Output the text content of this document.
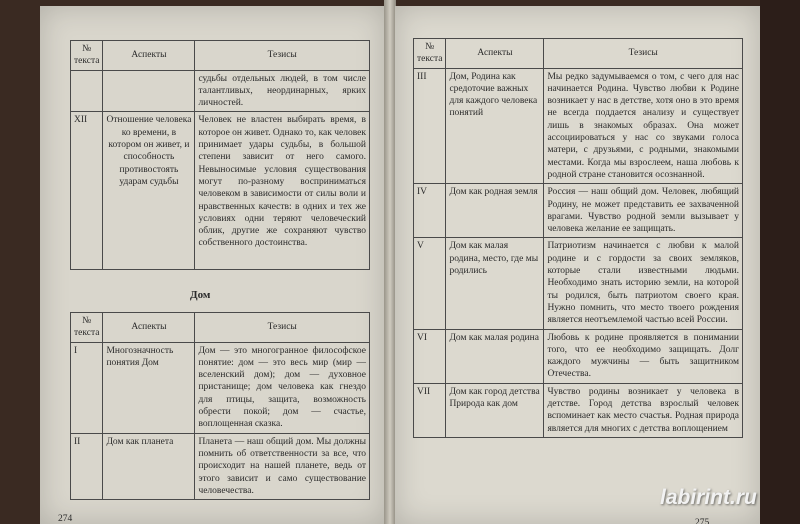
№ текста	Аспекты	Тезисы
		судьбы отдельных людей, в том числе талантливых, неординарных, ярких личностей.
XII	Отношение человека ко времени, в котором он живет, и способность противостоять ударам судьбы	Человек не властен выбирать время, в которое он живет. Однако то, как человек принимает удары судьбы, в большой степени зависит от него самого. Невыносимые условия существования могут по-разному восприниматься человеком в зависимости от силы воли и нравственных качеств: в одних и тех же условиях одни теряют человеческий облик, другие же сохраняют чувство собственного достоинства.
Дом
№ текста	Аспекты	Тезисы
I	Многозначность понятия Дом	Дом — это многогранное философское понятие: дом — это весь мир (мир — вселенский дом); дом — духовное пристанище; дом человека как гнездо для птицы, защита, возможность обрести покой; дом — счастье, воплощенная сказка.
II	Дом как планета	Планета — наш общий дом. Мы должны помнить об ответственности за все, что происходит на нашей планете, ведь от этого зависит и само существование человечества.
274
№ текста	Аспекты	Тезисы
III	Дом, Родина как средоточие важных для каждого человека понятий	Мы редко задумываемся о том, с чего для нас начинается Родина. Чувство любви к Родине возникает у нас в детстве, хотя оно в это время не всегда поддается анализу и существует лишь в знакомых образах. Она может ассоциироваться у нас со звуками голоса матери, с друзьями, с родными, знакомыми местами. Когда мы взрослеем, наша любовь к родной стране становится осознанной.
IV	Дом как родная земля	Россия — наш общий дом. Человек, любящий Родину, не может представить ее захваченной врагами. Чувство родной земли вызывает у человека желание ее защищать.
V	Дом как малая родина, место, где мы родились	Патриотизм начинается с любви к малой родине и с гордости за своих земляков, которые стали известными людьми. Необходимо знать историю земли, на которой ты родился, быть патриотом своего края. Нужно помнить, что место твоего рождения является неотъемлемой частью всей России.
VI	Дом как малая родина	Любовь к родине проявляется в понимании того, что ее необходимо защищать. Долг каждого мужчины — быть защитником Отечества.
VII	Дом как город детства Природа как дом	Чувство родины возникает у человека в детстве. Город детства взрослый человек вспоминает как место счастья. Родная природа является для многих с детства воплощением
275
labirint.ru
